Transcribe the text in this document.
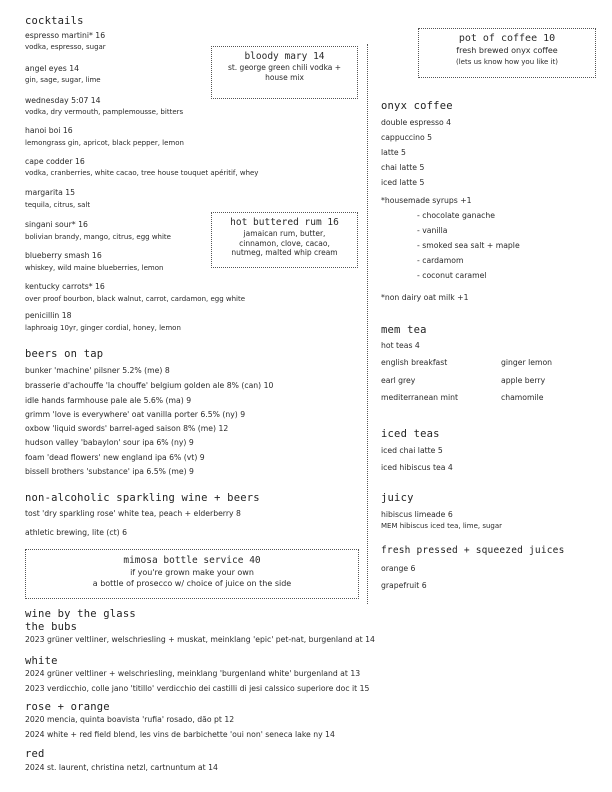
cocktails
espresso martini* 16
vodka, espresso, sugar
angel eyes 14
gin, sage, sugar, lime
wednesday 5:07 14
vodka, dry vermouth, pamplemousse, bitters
hanoi boi 16
lemongrass gin, apricot, black pepper, lemon
cape codder 16
vodka, cranberries, white cacao, tree house touquet apéritif, whey
margarita 15
tequila, citrus, salt
singani sour* 16
bolivian brandy, mango, citrus, egg white
blueberry smash 16
whiskey, wild maine blueberries, lemon
kentucky carrots* 16
over proof bourbon, black walnut, carrot, cardamon, egg white
penicillin 18
laphroaig 10yr, ginger cordial, honey, lemon
bloody mary 14
st. george green chili vodka +
house mix
hot buttered rum 16
jamaican rum, butter,
cinnamon, clove, cacao,
nutmeg, malted whip cream
beers on tap
bunker 'machine' pilsner 5.2% (me) 8
brasserie d'achouffe 'la chouffe' belgium golden ale 8% (can) 10
idle hands farmhouse pale ale 5.6% (ma) 9
grimm 'love is everywhere' oat vanilla porter 6.5% (ny) 9
oxbow 'liquid swords' barrel-aged saison 8% (me) 12
hudson valley 'babaylon' sour ipa 6% (ny) 9
foam 'dead flowers' new england ipa 6% (vt) 9
bissell brothers 'substance' ipa 6.5% (me) 9
non-alcoholic sparkling wine + beers
tost 'dry sparkling rose' white tea, peach + elderberry 8
athletic brewing, lite (ct) 6
mimosa bottle service 40
if you're grown make your own
a bottle of prosecco w/ choice of juice on the side
pot of coffee 10
fresh brewed onyx coffee
(lets us know how you like it)
onyx coffee
double espresso 4
cappuccino 5
latte 5
chai latte 5
iced latte 5
*housemade syrups +1
- chocolate ganache
- vanilla
- smoked sea salt + maple
- cardamom
- coconut caramel
*non dairy oat milk +1
mem tea
hot teas 4
english breakfast
earl grey
mediterranean mint
ginger lemon
apple berry
chamomile
iced teas
iced chai latte 5
iced hibiscus tea 4
juicy
hibiscus limeade 6
MEM hibiscus iced tea, lime, sugar
fresh pressed + squeezed juices
orange 6
grapefruit 6
wine by the glass
the bubs
2023 grüner veltliner, welschriesling + muskat, meinklang 'epic' pet-nat, burgenland at 14
white
2024 grüner veltliner + welschriesling, meinklang 'burgenland white' burgenland at 13
2023 verdicchio, colle jano 'titillo' verdicchio dei castilli di jesi calssico superiore doc it 15
rose + orange
2020 mencia, quinta boavista 'rufia' rosado, dão pt 12
2024 white + red field blend, les vins de barbichette 'oui non' seneca lake ny 14
red
2024 st. laurent, christina netzl, cartnuntum at 14
